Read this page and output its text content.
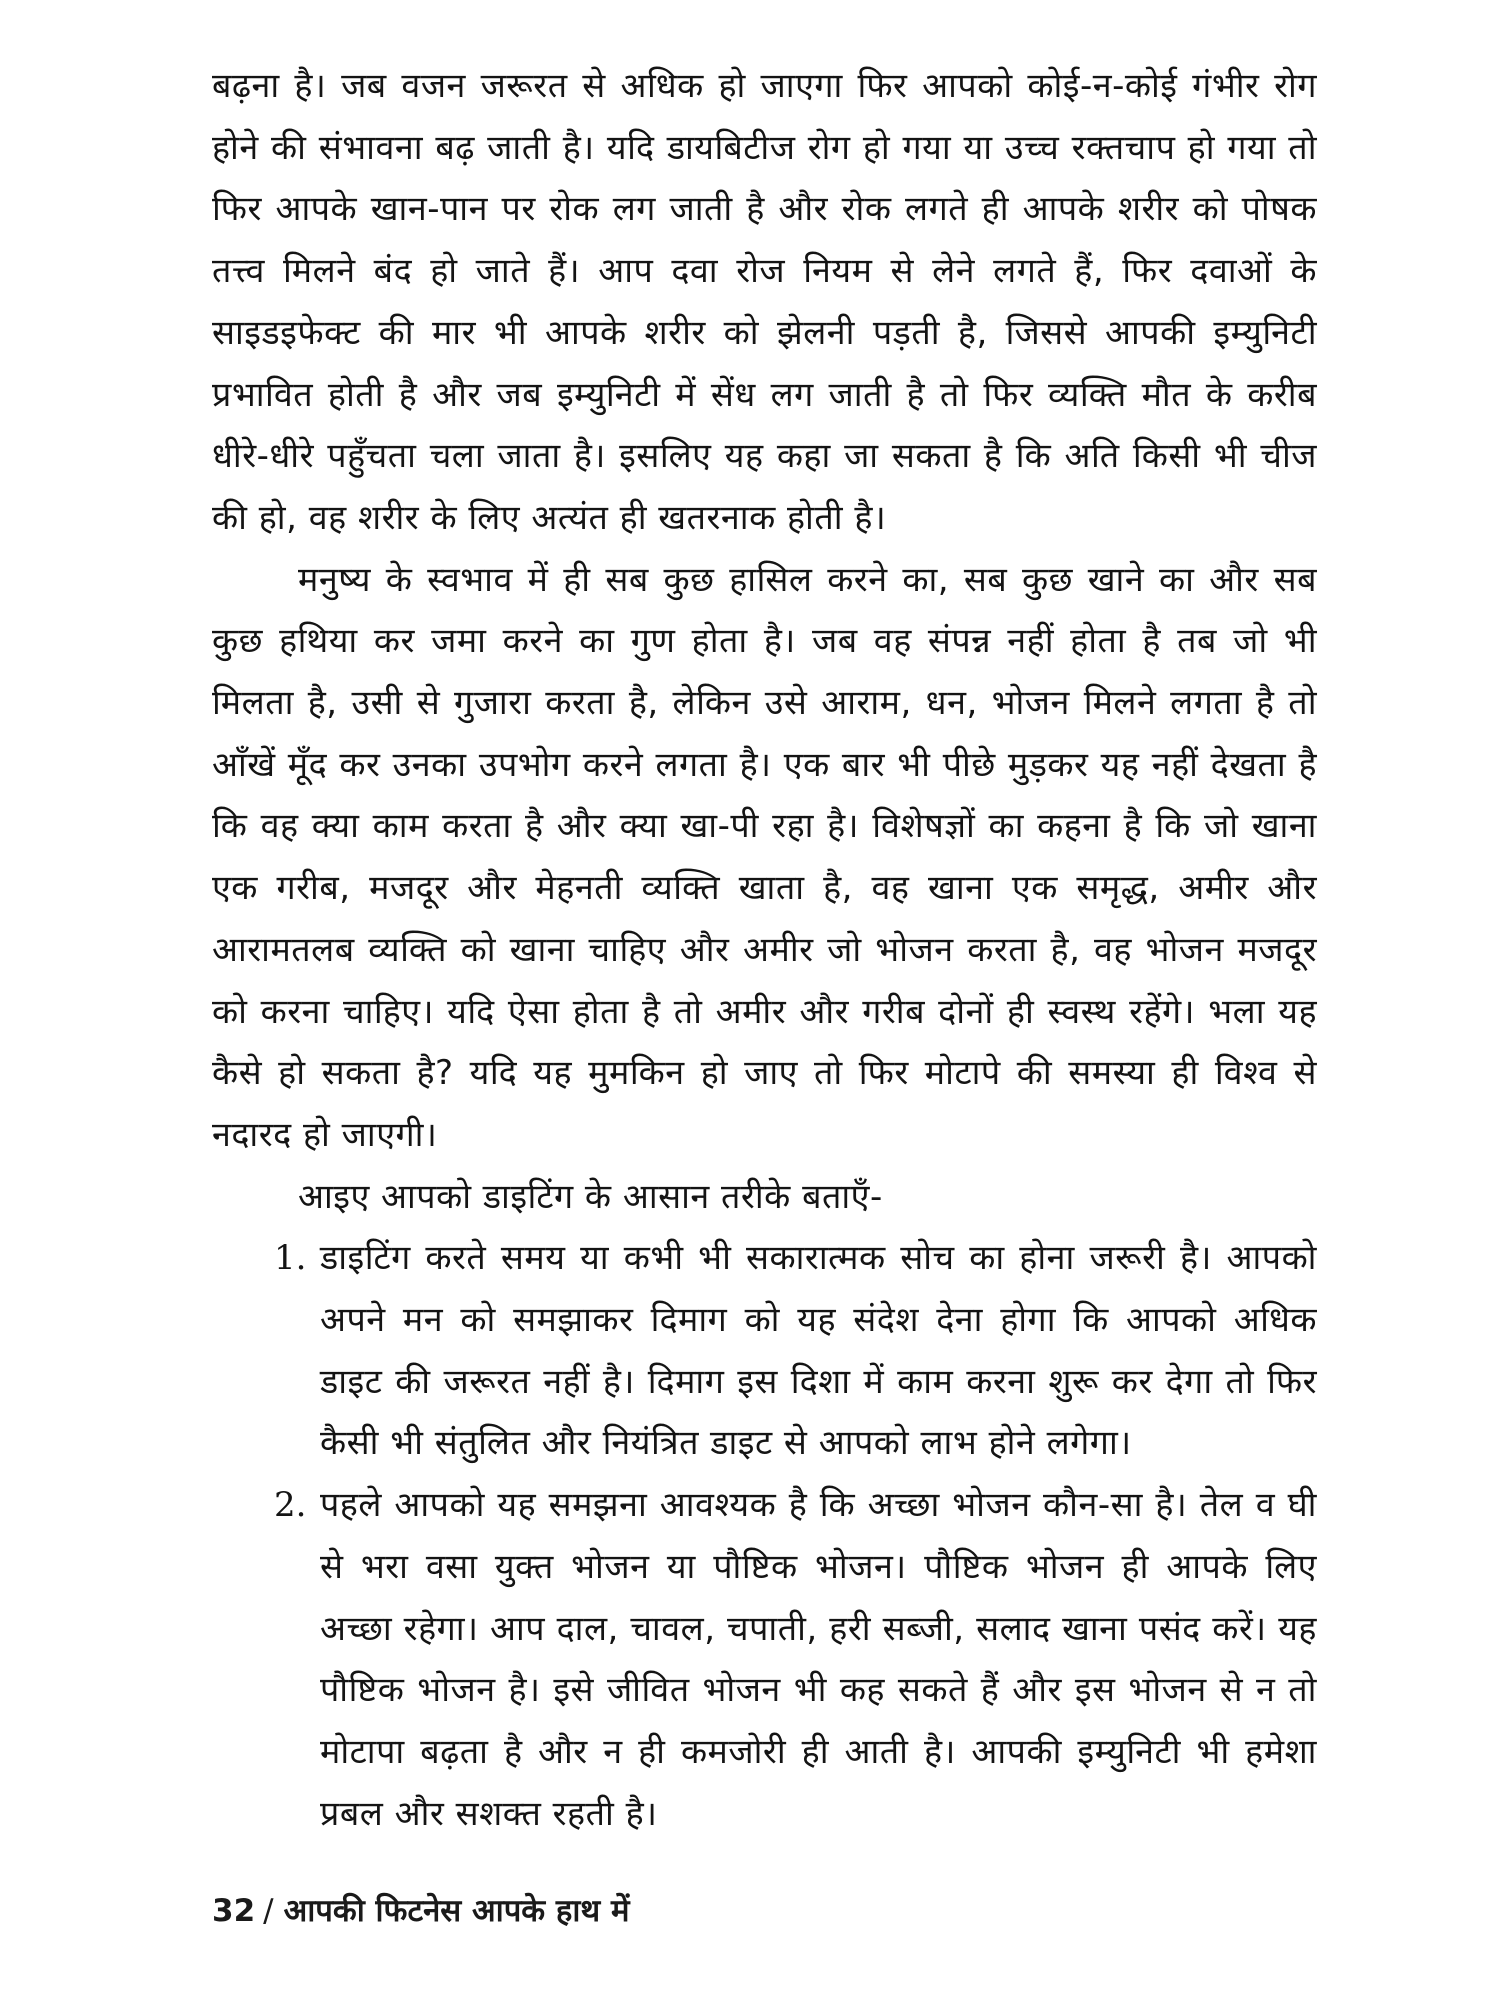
बढ़ना है। जब वजन जरूरत से अधिक हो जाएगा फिर आपको कोई-न-कोई गंभीर रोग होने की संभावना बढ़ जाती है। यदि डायबिटीज रोग हो गया या उच्च रक्तचाप हो गया तो फिर आपके खान-पान पर रोक लग जाती है और रोक लगते ही आपके शरीर को पोषक तत्त्व मिलने बंद हो जाते हैं। आप दवा रोज नियम से लेने लगते हैं, फिर दवाओं के साइडइफेक्ट की मार भी आपके शरीर को झेलनी पड़ती है, जिससे आपकी इम्युनिटी प्रभावित होती है और जब इम्युनिटी में सेंध लग जाती है तो फिर व्यक्ति मौत के करीब धीरे-धीरे पहुँचता चला जाता है। इसलिए यह कहा जा सकता है कि अति किसी भी चीज की हो, वह शरीर के लिए अत्यंत ही खतरनाक होती है।

मनुष्य के स्वभाव में ही सब कुछ हासिल करने का, सब कुछ खाने का और सब कुछ हथिया कर जमा करने का गुण होता है। जब वह संपन्न नहीं होता है तब जो भी मिलता है, उसी से गुजारा करता है, लेकिन उसे आराम, धन, भोजन मिलने लगता है तो आँखें मूँद कर उनका उपभोग करने लगता है। एक बार भी पीछे मुड़कर यह नहीं देखता है कि वह क्या काम करता है और क्या खा-पी रहा है। विशेषज्ञों का कहना है कि जो खाना एक गरीब, मजदूर और मेहनती व्यक्ति खाता है, वह खाना एक समृद्ध, अमीर और आरामतलब व्यक्ति को खाना चाहिए और अमीर जो भोजन करता है, वह भोजन मजदूर को करना चाहिए। यदि ऐसा होता है तो अमीर और गरीब दोनों ही स्वस्थ रहेंगे। भला यह कैसे हो सकता है? यदि यह मुमकिन हो जाए तो फिर मोटापे की समस्या ही विश्व से नदारद हो जाएगी।

आइए आपको डाइटिंग के आसान तरीके बताएँ-

1. डाइटिंग करते समय या कभी भी सकारात्मक सोच का होना जरूरी है। आपको अपने मन को समझाकर दिमाग को यह संदेश देना होगा कि आपको अधिक डाइट की जरूरत नहीं है। दिमाग इस दिशा में काम करना शुरू कर देगा तो फिर कैसी भी संतुलित और नियंत्रित डाइट से आपको लाभ होने लगेगा।

2. पहले आपको यह समझना आवश्यक है कि अच्छा भोजन कौन-सा है। तेल व घी से भरा वसा युक्त भोजन या पौष्टिक भोजन। पौष्टिक भोजन ही आपके लिए अच्छा रहेगा। आप दाल, चावल, चपाती, हरी सब्जी, सलाद खाना पसंद करें। यह पौष्टिक भोजन है। इसे जीवित भोजन भी कह सकते हैं और इस भोजन से न तो मोटापा बढ़ता है और न ही कमजोरी ही आती है। आपकी इम्युनिटी भी हमेशा प्रबल और सशक्त रहती है।

32 / आपकी फिटनेस आपके हाथ में
